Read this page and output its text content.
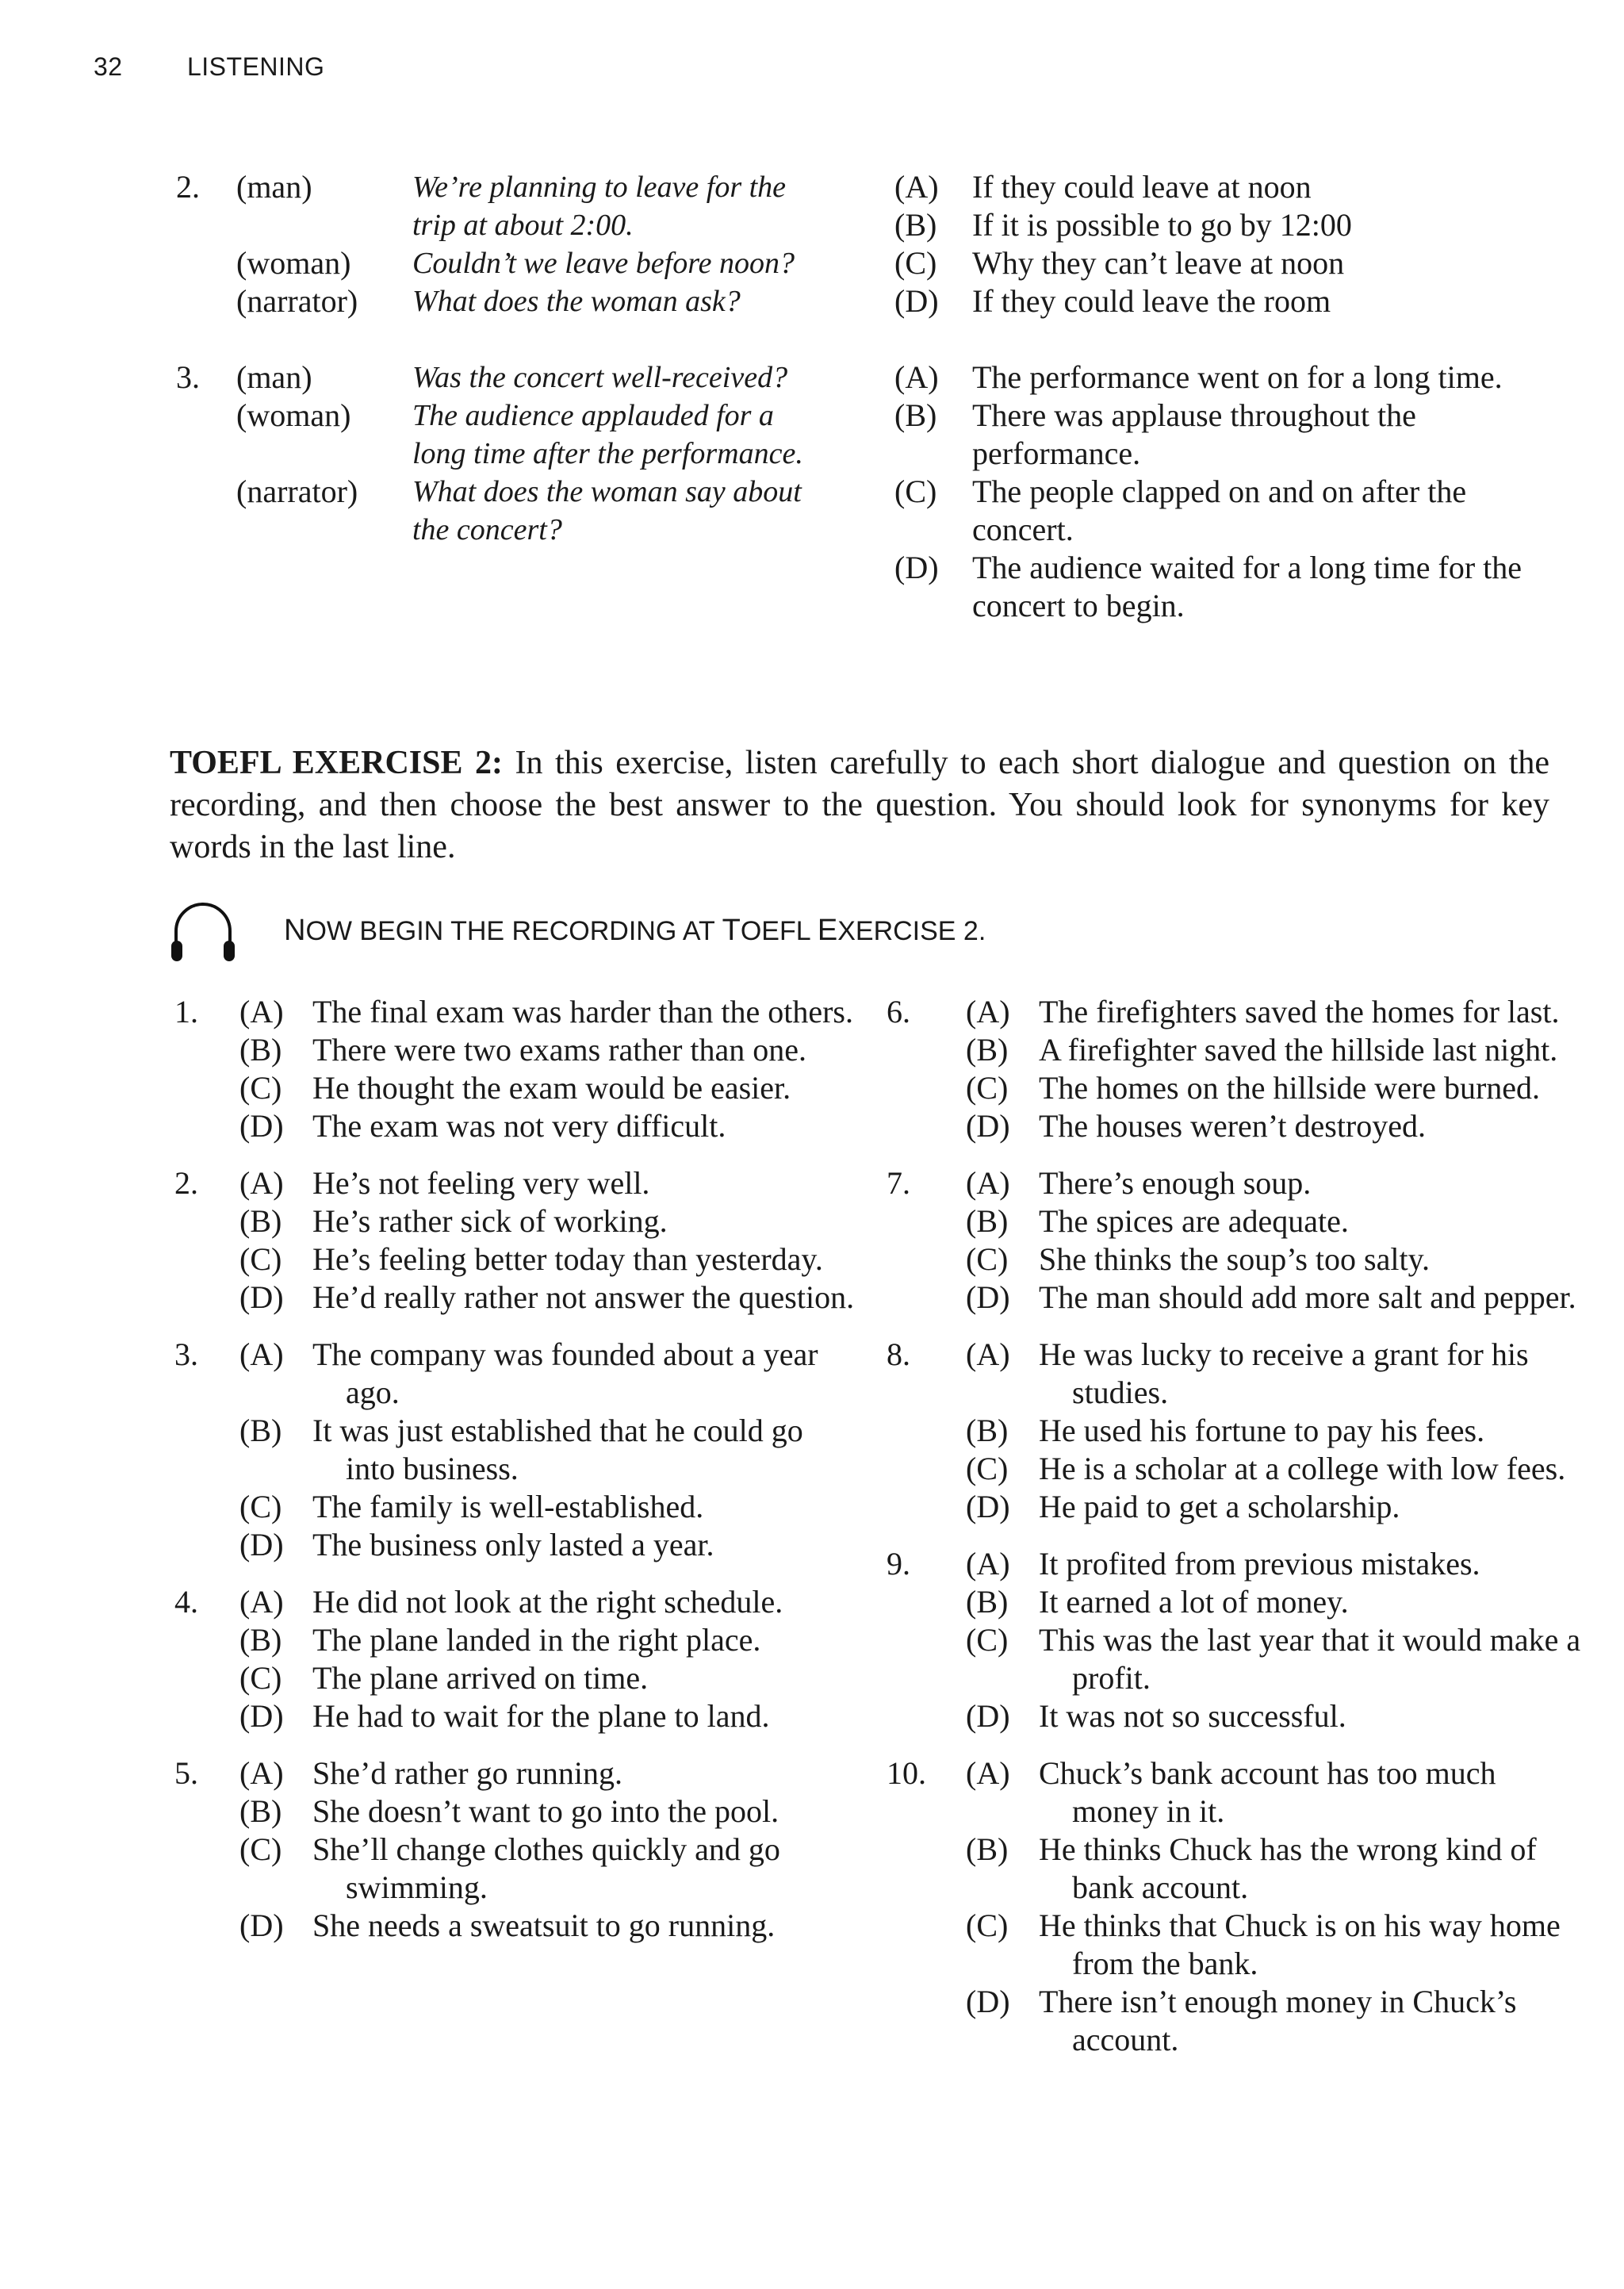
32	LISTENING
2. (man)
(woman)
(narrator)
We’re planning to leave for the
trip at about 2:00.
Couldn’t we leave before noon?
What does the woman ask?
(A) If they could leave at noon
(B) If it is possible to go by 12:00
(C) Why they can’t leave at noon
(D) If they could leave the room
3. (man)
(woman)
(narrator)
Was the concert well-received?
The audience applauded for a
long time after the performance.
What does the woman say about
the concert?
(A) The performance went on for a long time.
(B) There was applause throughout the performance.
(C) The people clapped on and on after the concert.
(D) The audience waited for a long time for the concert to begin.
TOEFL EXERCISE 2: In this exercise, listen carefully to each short dialogue and question on the recording, and then choose the best answer to the question. You should look for synonyms for key words in the last line.
NOW BEGIN THE RECORDING AT TOEFL EXERCISE 2.
1. (A) The final exam was harder than the others.
(B) There were two exams rather than one.
(C) He thought the exam would be easier.
(D) The exam was not very difficult.
2. (A) He’s not feeling very well.
(B) He’s rather sick of working.
(C) He’s feeling better today than yesterday.
(D) He’d really rather not answer the question.
3. (A) The company was founded about a year ago.
(B) It was just established that he could go into business.
(C) The family is well-established.
(D) The business only lasted a year.
4. (A) He did not look at the right schedule.
(B) The plane landed in the right place.
(C) The plane arrived on time.
(D) He had to wait for the plane to land.
5. (A) She’d rather go running.
(B) She doesn’t want to go into the pool.
(C) She’ll change clothes quickly and go swimming.
(D) She needs a sweatsuit to go running.
6. (A) The firefighters saved the homes for last.
(B) A firefighter saved the hillside last night.
(C) The homes on the hillside were burned.
(D) The houses weren’t destroyed.
7. (A) There’s enough soup.
(B) The spices are adequate.
(C) She thinks the soup’s too salty.
(D) The man should add more salt and pepper.
8. (A) He was lucky to receive a grant for his studies.
(B) He used his fortune to pay his fees.
(C) He is a scholar at a college with low fees.
(D) He paid to get a scholarship.
9. (A) It profited from previous mistakes.
(B) It earned a lot of money.
(C) This was the last year that it would make a profit.
(D) It was not so successful.
10. (A) Chuck’s bank account has too much money in it.
(B) He thinks Chuck has the wrong kind of bank account.
(C) He thinks that Chuck is on his way home from the bank.
(D) There isn’t enough money in Chuck’s account.
